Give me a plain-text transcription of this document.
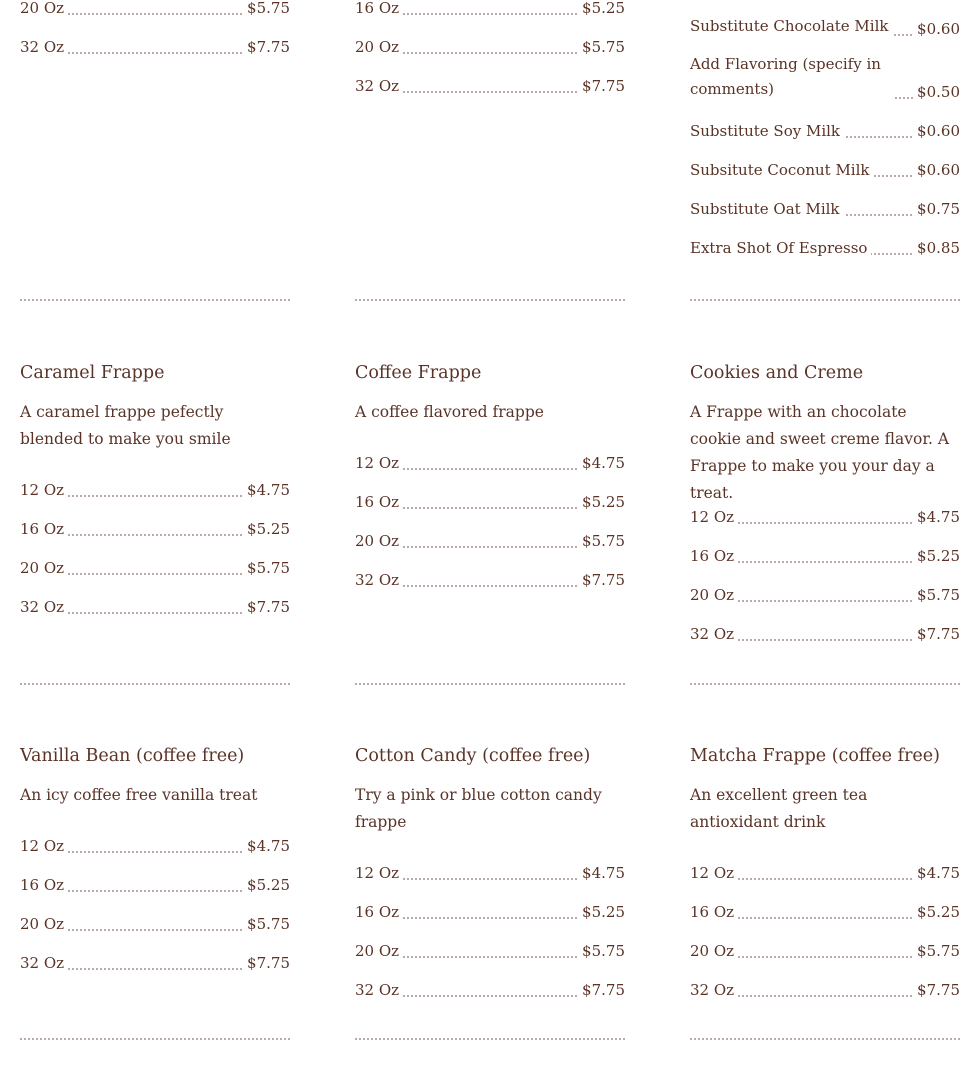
20 Oz	$5.75
32 Oz	$7.75
16 Oz	$5.25
20 Oz	$5.75
32 Oz	$7.75
Substitute Chocolate Milk	$0.60
Add Flavoring (specify in comments)	$0.50
Substitute Soy Milk	$0.60
Subsitute Coconut Milk	$0.60
Substitute Oat Milk	$0.75
Extra Shot Of Espresso	$0.85
Caramel Frappe
A caramel frappe pefectly blended to make you smile
12 Oz	$4.75
16 Oz	$5.25
20 Oz	$5.75
32 Oz	$7.75
Coffee Frappe
A coffee flavored frappe
12 Oz	$4.75
16 Oz	$5.25
20 Oz	$5.75
32 Oz	$7.75
Cookies and Creme
A Frappe with an chocolate cookie and sweet creme flavor. A Frappe to make you your day a treat.
12 Oz	$4.75
16 Oz	$5.25
20 Oz	$5.75
32 Oz	$7.75
Vanilla Bean (coffee free)
An icy coffee free vanilla treat
12 Oz	$4.75
16 Oz	$5.25
20 Oz	$5.75
32 Oz	$7.75
Cotton Candy (coffee free)
Try a pink or blue cotton candy frappe
12 Oz	$4.75
16 Oz	$5.25
20 Oz	$5.75
32 Oz	$7.75
Matcha Frappe (coffee free)
An excellent green tea antioxidant drink
12 Oz	$4.75
16 Oz	$5.25
20 Oz	$5.75
32 Oz	$7.75
